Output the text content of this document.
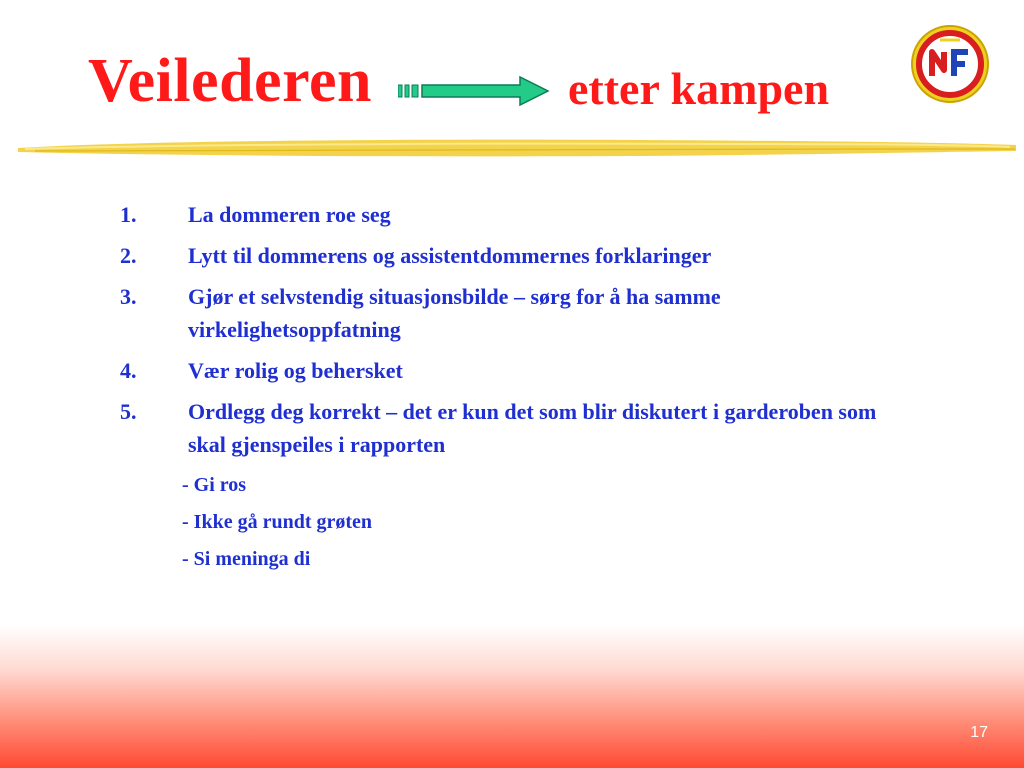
Veilederen	etter kampen
1.	La dommeren roe seg
2.	Lytt til dommerens og assistentdommernes forklaringer
3.	Gjør et selvstendig situasjonsbilde – sørg for å ha samme virkelighetsoppfatning
4.	Vær rolig og behersket
5.	Ordlegg deg korrekt – det er kun det som blir diskutert i garderoben som skal gjenspeiles i rapporten
- Gi ros
- Ikke gå rundt grøten
- Si meninga di
17
